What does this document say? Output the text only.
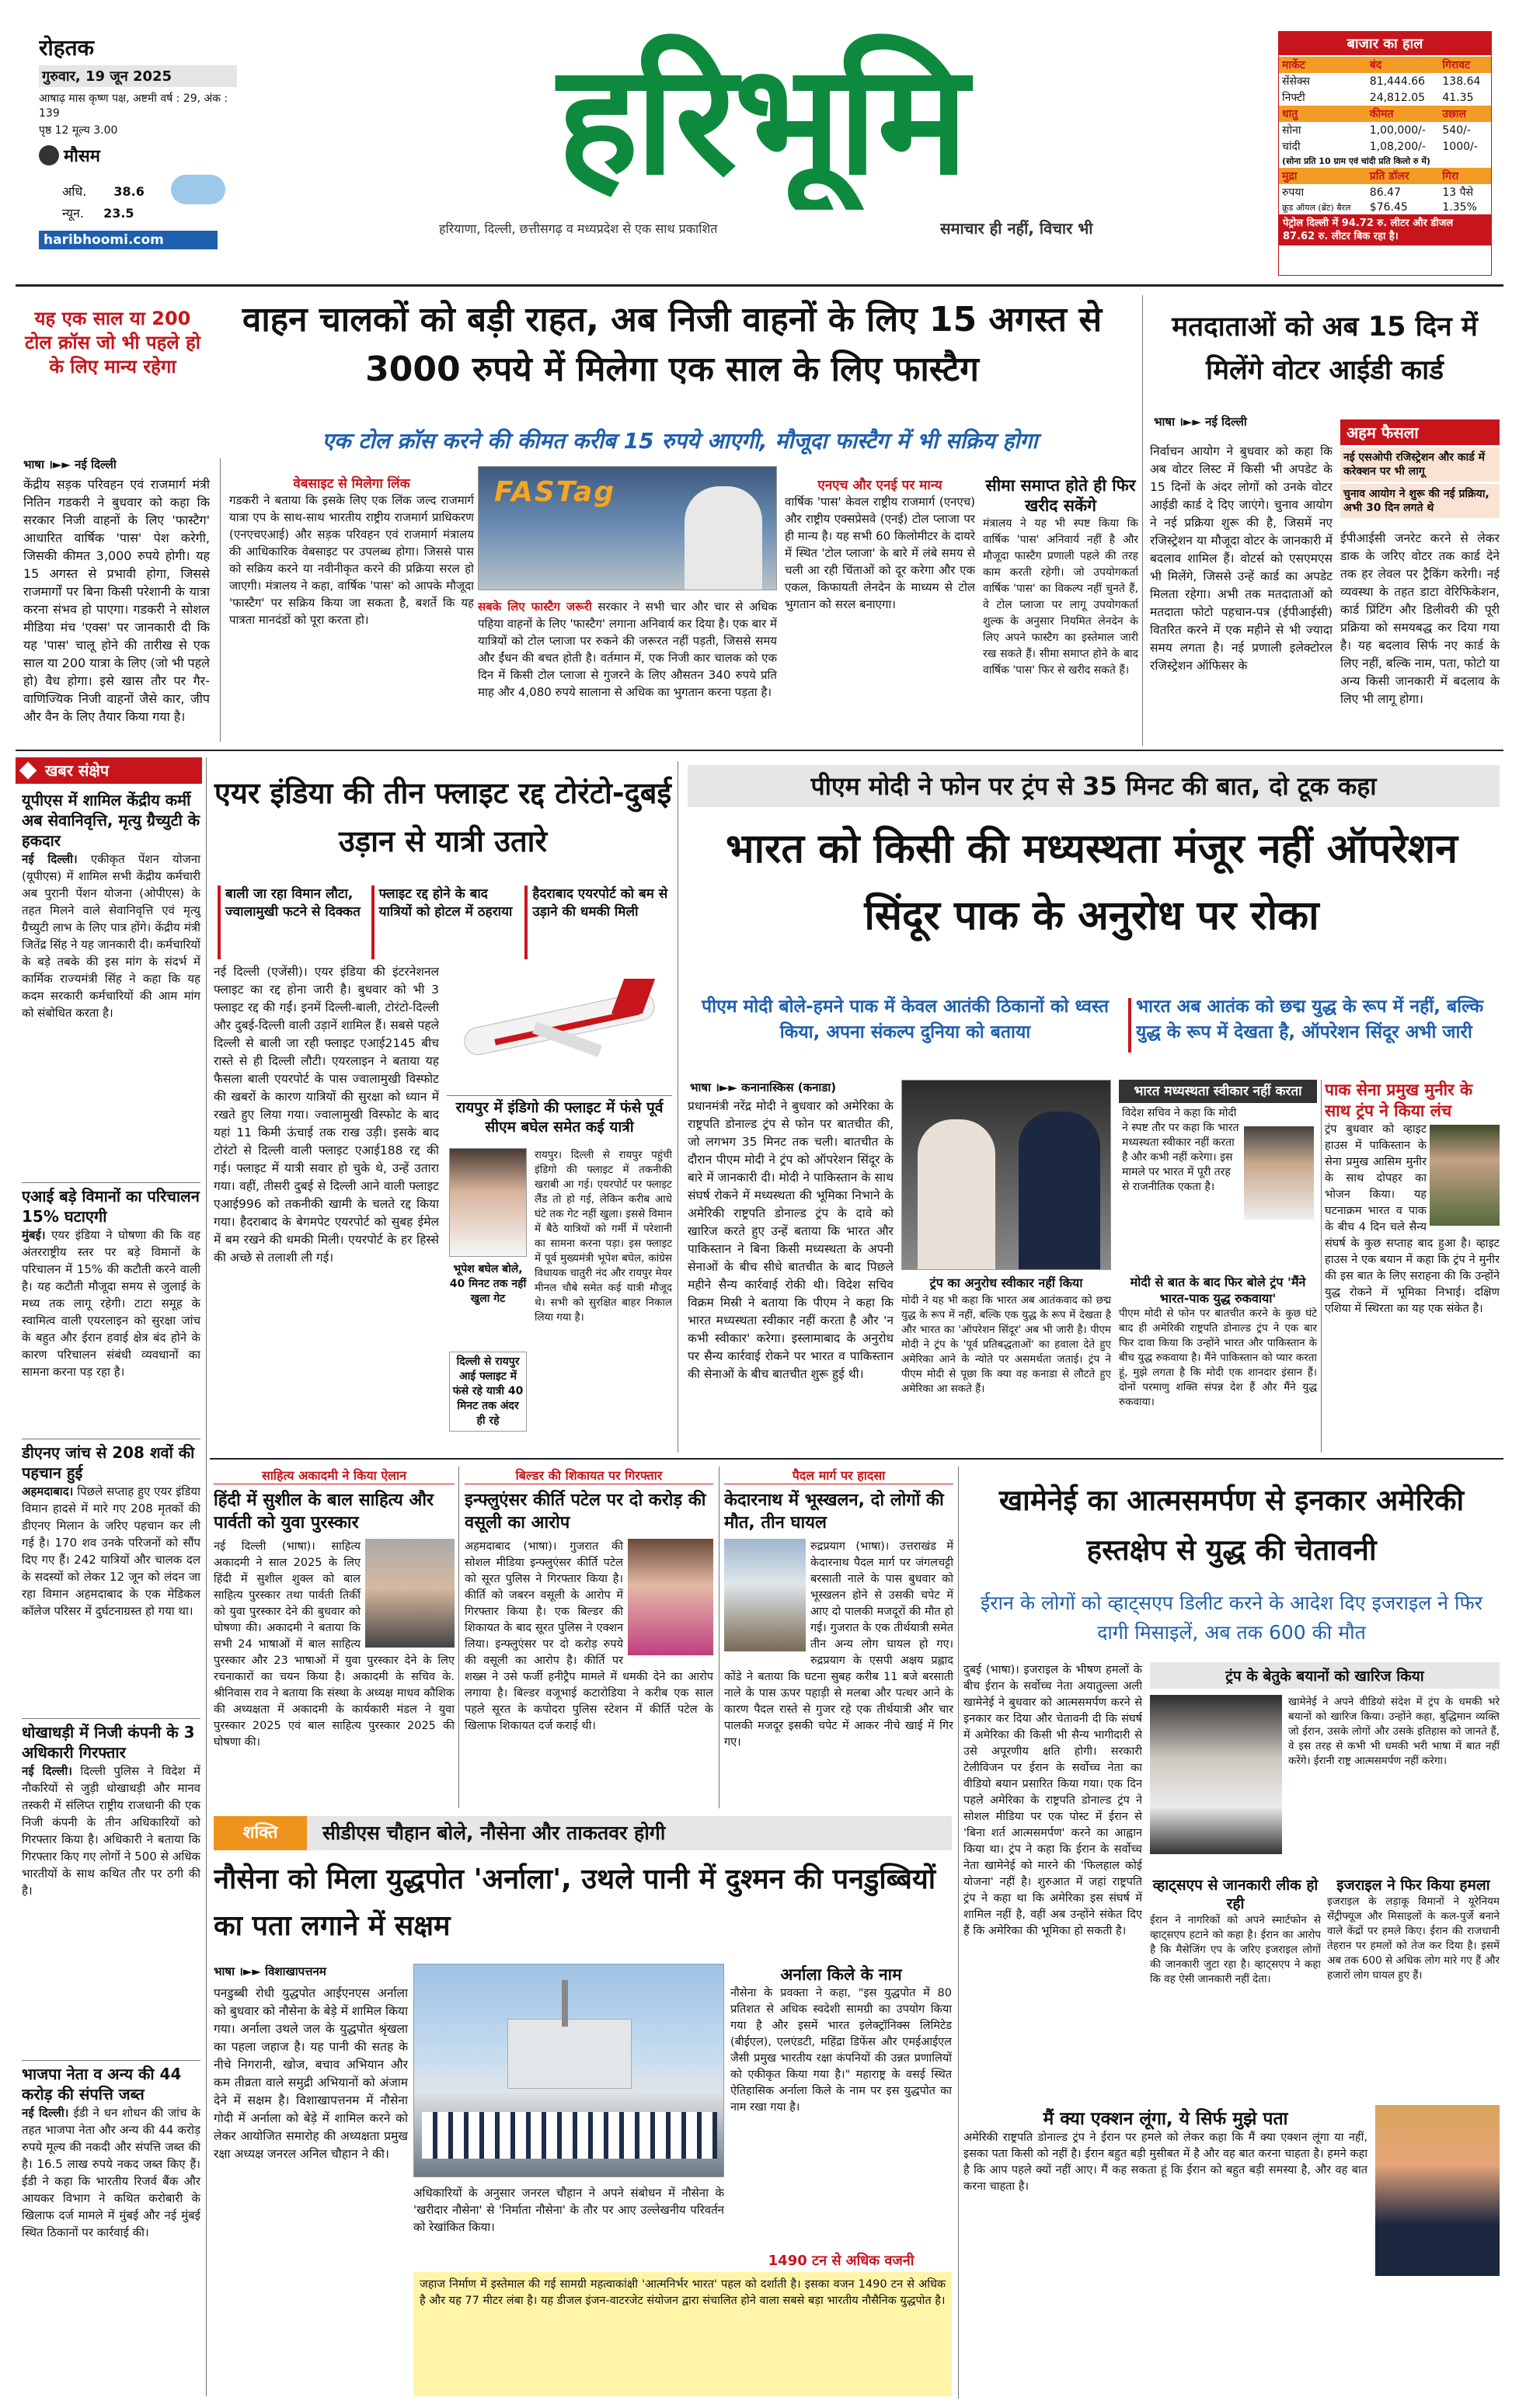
रोहतक
गुरुवार, 19 जून 2025
आषाढ़ मास कृष्ण पक्ष, अष्टमी वर्ष : 29, अंक : 139
पृष्ठ 12 मूल्य 3.00
मौसम
अधि. 38.6
न्यून. 23.5
haribhoomi.com
हरिभूमि
हरियाणा, दिल्ली, छत्तीसगढ़ व मध्यप्रदेश से एक साथ प्रकाशित	समाचार ही नहीं, विचार भी
बाजार का हाल
मार्केट	बंद	गिरावट
सेंसेक्स	81,444.66	138.64
निफ्टी	24,812.05	41.35
धातु	कीमत	उछाल
सोना	1,00,000/-	540/-
चांदी	1,08,200/-	1000/-
(सोना प्रति 10 ग्राम एवं चांदी प्रति किलो रु में)		
मुद्रा	प्रति डॉलर	गिरा
रुपया	86.47	13 पैसे
क्रूड ऑयल (ब्रेंट) बैरल	$76.45	1.35%
पेट्रोल दिल्ली में 94.72 रु. लीटर और डीजल 87.62 रु. लीटर बिक रहा है।
यह एक साल या 200 टोल क्रॉस जो भी पहले हो के लिए मान्य रहेगा
वाहन चालकों को बड़ी राहत, अब निजी वाहनों के लिए 15 अगस्त से 3000 रुपये में मिलेगा एक साल के लिए फास्टैग
एक टोल क्रॉस करने की कीमत करीब 15 रुपये आएगी, मौजूदा फास्टैग में भी सक्रिय होगा
भाषा ।►► नई दिल्ली
केंद्रीय सड़क परिवहन एवं राजमार्ग मंत्री नितिन गडकरी ने बुधवार को कहा कि सरकार निजी वाहनों के लिए 'फास्टैग' आधारित वार्षिक 'पास' पेश करेगी, जिसकी कीमत 3,000 रुपये होगी। यह 15 अगस्त से प्रभावी होगा, जिससे राजमार्गों पर बिना किसी परेशानी के यात्रा करना संभव हो पाएगा। गडकरी ने सोशल मीडिया मंच 'एक्स' पर जानकारी दी कि यह 'पास' चालू होने की तारीख से एक साल या 200 यात्रा के लिए (जो भी पहले हो) वैध होगा। इसे खास तौर पर गैर-वाणिज्यिक निजी वाहनों जैसे कार, जीप और वैन के लिए तैयार किया गया है।
वेबसाइट से मिलेगा लिंक
गडकरी ने बताया कि इसके लिए एक लिंक जल्द राजमार्ग यात्रा एप के साथ-साथ भारतीय राष्ट्रीय राजमार्ग प्राधिकरण (एनएचएआई) और सड़क परिवहन एवं राजमार्ग मंत्रालय की आधिकारिक वेबसाइट पर उपलब्ध होगा। जिससे पास को सक्रिय करने या नवीनीकृत करने की प्रक्रिया सरल हो जाएगी। मंत्रालय ने कहा, वार्षिक 'पास' को आपके मौजूदा 'फास्टैग' पर सक्रिय किया जा सकता है, बशर्ते कि यह पात्रता मानदंडों को पूरा करता हो।
FASTag
सबके लिए फास्टैग जरूरी सरकार ने सभी चार और चार से अधिक पहिया वाहनों के लिए 'फास्टैग' लगाना अनिवार्य कर दिया है। एक बार में यात्रियों को टोल प्लाजा पर रुकने की जरूरत नहीं पड़ती, जिससे समय और ईंधन की बचत होती है। वर्तमान में, एक निजी कार चालक को एक दिन में किसी टोल प्लाजा से गुजरने के लिए औसतन 340 रुपये प्रति माह और 4,080 रुपये सालाना से अधिक का भुगतान करना पड़ता है।
एनएच और एनई पर मान्य
वार्षिक 'पास' केवल राष्ट्रीय राजमार्ग (एनएच) और राष्ट्रीय एक्सप्रेसवे (एनई) टोल प्लाजा पर ही मान्य है। यह सभी 60 किलोमीटर के दायरे में स्थित 'टोल प्लाजा' के बारे में लंबे समय से चली आ रही चिंताओं को दूर करेगा और एक एकल, किफायती लेनदेन के माध्यम से टोल भुगतान को सरल बनाएगा।
सीमा समाप्त होते ही फिर खरीद सकेंगे
मंत्रालय ने यह भी स्पष्ट किया कि वार्षिक 'पास' अनिवार्य नहीं है और मौजूदा फास्टैग प्रणाली पहले की तरह काम करती रहेगी। जो उपयोगकर्ता वार्षिक 'पास' का विकल्प नहीं चुनते हैं, वे टोल प्लाजा पर लागू उपयोगकर्ता शुल्क के अनुसार नियमित लेनदेन के लिए अपने फास्टैग का इस्तेमाल जारी रख सकते हैं। सीमा समाप्त होने के बाद वार्षिक 'पास' फिर से खरीद सकते हैं।
मतदाताओं को अब 15 दिन में मिलेंगे वोटर आईडी कार्ड
भाषा ।►► नई दिल्ली
निर्वाचन आयोग ने बुधवार को कहा कि अब वोटर लिस्ट में किसी भी अपडेट के 15 दिनों के अंदर लोगों को उनके वोटर आईडी कार्ड दे दिए जाएंगे। चुनाव आयोग ने नई प्रक्रिया शुरू की है, जिसमें नए रजिस्ट्रेशन या मौजूदा वोटर के जानकारी में बदलाव शामिल हैं। वोटर्स को एसएमएस भी मिलेंगे, जिससे उन्हें कार्ड का अपडेट मिलता रहेगा। अभी तक मतदाताओं को मतदाता फोटो पहचान-पत्र (ईपीआईसी) वितरित करने में एक महीने से भी ज्यादा समय लगता है। नई प्रणाली इलेक्टोरल रजिस्ट्रेशन ऑफिसर के
अहम फैसला
नई एसओपी रजिस्ट्रेशन और कार्ड में करेक्शन पर भी लागू
चुनाव आयोग ने शुरू की नई प्रक्रिया, अभी 30 दिन लगते थे
ईपीआईसी जनरेट करने से लेकर डाक के जरिए वोटर तक कार्ड देने तक हर लेवल पर ट्रैकिंग करेगी। नई व्यवस्था के तहत डाटा वेरिफिकेशन, कार्ड प्रिंटिंग और डिलीवरी की पूरी प्रक्रिया को समयबद्ध कर दिया गया है। यह बदलाव सिर्फ नए कार्ड के लिए नहीं, बल्कि नाम, पता, फोटो या अन्य किसी जानकारी में बदलाव के लिए भी लागू होगा।
खबर संक्षेप
यूपीएस में शामिल केंद्रीय कर्मी अब सेवानिवृत्ति, मृत्यु ग्रैच्युटी के हकदार
नई दिल्ली। एकीकृत पेंशन योजना (यूपीएस) में शामिल सभी केंद्रीय कर्मचारी अब पुरानी पेंशन योजना (ओपीएस) के तहत मिलने वाले सेवानिवृत्ति एवं मृत्यु ग्रैच्युटी लाभ के लिए पात्र होंगे। केंद्रीय मंत्री जितेंद्र सिंह ने यह जानकारी दी। कर्मचारियों के बड़े तबके की इस मांग के संदर्भ में कार्मिक राज्यमंत्री सिंह ने कहा कि यह कदम सरकारी कर्मचारियों की आम मांग को संबोधित करता है।
एआई बड़े विमानों का परिचालन 15% घटाएगी
मुंबई। एयर इंडिया ने घोषणा की कि वह अंतरराष्ट्रीय स्तर पर बड़े विमानों के परिचालन में 15% की कटौती करने वाली है। यह कटौती मौजूदा समय से जुलाई के मध्य तक लागू रहेगी। टाटा समूह के स्वामित्व वाली एयरलाइन को सुरक्षा जांच के बहुत और ईरान हवाई क्षेत्र बंद होने के कारण परिचालन संबंधी व्यवधानों का सामना करना पड़ रहा है।
डीएनए जांच से 208 शवों की पहचान हुई
अहमदाबाद। पिछले सप्ताह हुए एयर इंडिया विमान हादसे में मारे गए 208 मृतकों की डीएनए मिलान के जरिए पहचान कर ली गई है। 170 शव उनके परिजनों को सौंप दिए गए हैं। 242 यात्रियों और चालक दल के सदस्यों को लेकर 12 जून को लंदन जा रहा विमान अहमदाबाद के एक मेडिकल कॉलेज परिसर में दुर्घटनाग्रस्त हो गया था।
धोखाधड़ी में निजी कंपनी के 3 अधिकारी गिरफ्तार
नई दिल्ली। दिल्ली पुलिस ने विदेश में नौकरियों से जुड़ी धोखाधड़ी और मानव तस्करी में संलिप्त राष्ट्रीय राजधानी की एक निजी कंपनी के तीन अधिकारियों को गिरफ्तार किया है। अधिकारी ने बताया कि गिरफ्तार किए गए लोगों ने 500 से अधिक भारतीयों के साथ कथित तौर पर ठगी की है।
भाजपा नेता व अन्य की 44 करोड़ की संपत्ति जब्त
नई दिल्ली। ईडी ने धन शोधन की जांच के तहत भाजपा नेता और अन्य की 44 करोड़ रुपये मूल्य की नकदी और संपत्ति जब्त की है। 16.5 लाख रुपये नकद जब्त किए हैं। ईडी ने कहा कि भारतीय रिजर्व बैंक और आयकर विभाग ने कथित करोबारी के खिलाफ दर्ज मामले में मुंबई और नई मुंबई स्थित ठिकानों पर कार्रवाई की।
एयर इंडिया की तीन फ्लाइट रद्द टोरंटो-दुबई उड़ान से यात्री उतारे
बाली जा रहा विमान लौटा, ज्वालामुखी फटने से दिक्कत
फ्लाइट रद्द होने के बाद यात्रियों को होटल में ठहराया
हैदराबाद एयरपोर्ट को बम से उड़ाने की धमकी मिली
नई दिल्ली (एजेंसी)। एयर इंडिया की इंटरनेशनल फ्लाइट का रद्द होना जारी है। बुधवार को भी 3 फ्लाइट रद्द की गईं। इनमें दिल्ली-बाली, टोरंटो-दिल्ली और दुबई-दिल्ली वाली उड़ानें शामिल हैं। सबसे पहले दिल्ली से बाली जा रही फ्लाइट एआई2145 बीच रास्ते से ही दिल्ली लौटी। एयरलाइन ने बताया यह फैसला बाली एयरपोर्ट के पास ज्वालामुखी विस्फोट की खबरों के कारण यात्रियों की सुरक्षा को ध्यान में रखते हुए लिया गया। ज्वालामुखी विस्फोट के बाद यहां 11 किमी ऊंचाई तक राख उड़ी। इसके बाद टोरंटो से दिल्ली वाली फ्लाइट एआई188 रद्द की गई। फ्लाइट में यात्री सवार हो चुके थे, उन्हें उतारा गया। वहीं, तीसरी दुबई से दिल्ली आने वाली फ्लाइट एआई996 को तकनीकी खामी के चलते रद्द किया गया। हैदराबाद के बेगमपेट एयरपोर्ट को सुबह ईमेल में बम रखने की धमकी मिली। एयरपोर्ट के हर हिस्से की अच्छे से तलाशी ली गई।
रायपुर में इंडिगो की फ्लाइट में फंसे पूर्व सीएम बघेल समेत कई यात्री
रायपुर। दिल्ली से रायपुर पहुंची इंडिगो की फ्लाइट में तकनीकी खराबी आ गई। एयरपोर्ट पर फ्लाइट लैंड तो हो गई, लेकिन करीब आधे घंटे तक गेट नहीं खुला। इससे विमान में बैठे यात्रियों को गर्मी में परेशानी का सामना करना पड़ा। इस फ्लाइट में पूर्व मुख्यमंत्री भूपेश बघेल, कांग्रेस विधायक चातुरी नंद और रायपुर मेयर मीनल चौबे समेत कई यात्री मौजूद थे। सभी को सुरक्षित बाहर निकाल लिया गया है।
भूपेश बघेल बोले, 40 मिनट तक नहीं खुला गेट
दिल्ली से रायपुर आई फ्लाइट में फंसे रहे यात्री 40 मिनट तक अंदर ही रहे
पीएम मोदी ने फोन पर ट्रंप से 35 मिनट की बात, दो टूक कहा
भारत को किसी की मध्यस्थता मंजूर नहीं ऑपरेशन सिंदूर पाक के अनुरोध पर रोका
पीएम मोदी बोले-हमने पाक में केवल आतंकी ठिकानों को ध्वस्त किया, अपना संकल्प दुनिया को बताया
भारत अब आतंक को छद्म युद्ध के रूप में नहीं, बल्कि युद्ध के रूप में देखता है, ऑपरेशन सिंदूर अभी जारी
भाषा ।►► कनानास्किस (कनाडा)
प्रधानमंत्री नरेंद्र मोदी ने बुधवार को अमेरिका के राष्ट्रपति डोनाल्ड ट्रंप से फोन पर बातचीत की, जो लगभग 35 मिनट तक चली। बातचीत के दौरान पीएम मोदी ने ट्रंप को ऑपरेशन सिंदूर के बारे में जानकारी दी। मोदी ने पाकिस्तान के साथ संघर्ष रोकने में मध्यस्थता की भूमिका निभाने के अमेरिकी राष्ट्रपति डोनाल्ड ट्रंप के दावे को खारिज करते हुए उन्हें बताया कि भारत और पाकिस्तान ने बिना किसी मध्यस्थता के अपनी सेनाओं के बीच सीधे बातचीत के बाद पिछले महीने सैन्य कार्रवाई रोकी थी। विदेश सचिव विक्रम मिस्री ने बताया कि पीएम ने कहा कि भारत मध्यस्थता स्वीकार नहीं करता है और 'न कभी स्वीकार' करेगा। इस्लामाबाद के अनुरोध पर सैन्य कार्रवाई रोकने पर भारत व पाकिस्तान की सेनाओं के बीच बातचीत शुरू हुई थी।
ट्रंप का अनुरोध स्वीकार नहीं किया
मोदी ने यह भी कहा कि भारत अब आतंकवाद को छद्म युद्ध के रूप में नहीं, बल्कि एक युद्ध के रूप में देखता है और भारत का 'ऑपरेशन सिंदूर' अब भी जारी है। पीएम मोदी ने ट्रंप के 'पूर्व प्रतिबद्धताओं' का हवाला देते हुए अमेरिका आने के न्योते पर असमर्थता जताई। ट्रंप ने पीएम मोदी से पूछा कि क्या वह कनाडा से लौटते हुए अमेरिका आ सकते हैं।
भारत मध्यस्थता स्वीकार नहीं करता
विदेश सचिव ने कहा कि मोदी ने स्पष्ट तौर पर कहा कि भारत मध्यस्थता स्वीकार नहीं करता है और कभी नहीं करेगा। इस मामले पर भारत में पूरी तरह से राजनीतिक एकता है।
मोदी से बात के बाद फिर बोले ट्रंप 'मैंने भारत-पाक युद्ध रुकवाया'
पीएम मोदी से फोन पर बातचीत करने के कुछ घंटे बाद ही अमेरिकी राष्ट्रपति डोनाल्ड ट्रंप ने एक बार फिर दावा किया कि उन्होंने भारत और पाकिस्तान के बीच युद्ध रुकवाया है। मैंने पाकिस्तान को प्यार करता हूं, मुझे लगता है कि मोदी एक शानदार इंसान हैं। दोनों परमाणु शक्ति संपन्न देश हैं और मैंने युद्ध रुकवाया।
पाक सेना प्रमुख मुनीर के साथ ट्रंप ने किया लंच
ट्रंप बुधवार को व्हाइट हाउस में पाकिस्तान के सेना प्रमुख आसिम मुनीर के साथ दोपहर का भोजन किया। यह घटनाक्रम भारत व पाक के बीच 4 दिन चले सैन्य संघर्ष के कुछ सप्ताह बाद हुआ है। व्हाइट हाउस ने एक बयान में कहा कि ट्रंप ने मुनीर की इस बात के लिए सराहना की कि उन्होंने युद्ध रोकने में भूमिका निभाई। दक्षिण एशिया में स्थिरता का यह एक संकेत है।
साहित्य अकादमी ने किया ऐलान
हिंदी में सुशील के बाल साहित्य और पार्वती को युवा पुरस्कार
नई दिल्ली (भाषा)। साहित्य अकादमी ने साल 2025 के लिए हिंदी में सुशील शुक्ल को बाल साहित्य पुरस्कार तथा पार्वती तिर्की को युवा पुरस्कार देने की बुधवार को घोषणा की। अकादमी ने बताया कि सभी 24 भाषाओं में बाल साहित्य पुरस्कार और 23 भाषाओं में युवा पुरस्कार देने के लिए रचनाकारों का चयन किया है। अकादमी के सचिव के. श्रीनिवास राव ने बताया कि संस्था के अध्यक्ष माधव कौशिक की अध्यक्षता में अकादमी के कार्यकारी मंडल ने युवा पुरस्कार 2025 एवं बाल साहित्य पुरस्कार 2025 की घोषणा की।
बिल्डर की शिकायत पर गिरफ्तार
इन्फ्लुएंसर कीर्ति पटेल पर दो करोड़ की वसूली का आरोप
अहमदाबाद (भाषा)। गुजरात की सोशल मीडिया इन्फ्लुएंसर कीर्ति पटेल को सूरत पुलिस ने गिरफ्तार किया है। कीर्ति को जबरन वसूली के आरोप में गिरफ्तार किया है। एक बिल्डर की शिकायत के बाद सूरत पुलिस ने एक्शन लिया। इन्फ्लुएंसर पर दो करोड़ रुपये की वसूली का आरोप है। कीर्ति पर शख्स ने उसे फर्जी हनीट्रैप मामले में धमकी देने का आरोप लगाया है। बिल्डर वजूभाई कटारोडिया ने करीब एक साल पहले सूरत के कपोदरा पुलिस स्टेशन में कीर्ति पटेल के खिलाफ शिकायत दर्ज कराई थी।
पैदल मार्ग पर हादसा
केदारनाथ में भूस्खलन, दो लोगों की मौत, तीन घायल
रुद्रप्रयाग (भाषा)। उत्तराखंड में केदारनाथ पैदल मार्ग पर जंगलचट्टी बरसाती नाले के पास बुधवार को भूस्खलन होने से उसकी चपेट में आए दो पालकी मजदूरों की मौत हो गई। गुजरात के एक तीर्थयात्री समेत तीन अन्य लोग घायल हो गए। रुद्रप्रयाग के एसपी अक्षय प्रह्लाद कोंडे ने बताया कि घटना सुबह करीब 11 बजे बरसाती नाले के पास ऊपर पहाड़ी से मलबा और पत्थर आने के कारण पैदल रास्ते से गुजर रहे एक तीर्थयात्री और चार पालकी मजदूर इसकी चपेट में आकर नीचे खाई में गिर गए।
शक्ति	सीडीएस चौहान बोले, नौसेना और ताकतवर होगी
नौसेना को मिला युद्धपोत 'अर्नाला', उथले पानी में दुश्मन की पनडुब्बियों का पता लगाने में सक्षम
भाषा ।►► विशाखापत्तनम
पनडुब्बी रोधी युद्धपोत आईएनएस अर्नाला को बुधवार को नौसेना के बेड़े में शामिल किया गया। अर्नाला उथले जल के युद्धपोत श्रृंखला का पहला जहाज है। यह पानी की सतह के नीचे निगरानी, खोज, बचाव अभियान और कम तीव्रता वाले समुद्री अभियानों को अंजाम देने में सक्षम है। विशाखापत्तनम में नौसेना गोदी में अर्नाला को बेड़े में शामिल करने को लेकर आयोजित समारोह की अध्यक्षता प्रमुख रक्षा अध्यक्ष जनरल अनिल चौहान ने की।
अधिकारियों के अनुसार जनरल चौहान ने अपने संबोधन में नौसेना के 'खरीदार नौसेना' से 'निर्माता नौसेना' के तौर पर आए उल्लेखनीय परिवर्तन को रेखांकित किया।
अर्नाला किले के नाम
नौसेना के प्रवक्ता ने कहा, "इस युद्धपोत में 80 प्रतिशत से अधिक स्वदेशी सामग्री का उपयोग किया गया है और इसमें भारत इलेक्ट्रॉनिक्स लिमिटेड (बीईएल), एलएंडटी, महिंद्रा डिफेंस और एमईआईएल जैसी प्रमुख भारतीय रक्षा कंपनियों की उन्नत प्रणालियों को एकीकृत किया गया है।" महाराष्ट्र के वसई स्थित ऐतिहासिक अर्नाला किले के नाम पर इस युद्धपोत का नाम रखा गया है।
1490 टन से अधिक वजनी
जहाज निर्माण में इस्तेमाल की गई सामग्री महत्वाकांक्षी 'आत्मनिर्भर भारत' पहल को दर्शाती है। इसका वजन 1490 टन से अधिक है और यह 77 मीटर लंबा है। यह डीजल इंजन-वाटरजेट संयोजन द्वारा संचालित होने वाला सबसे बड़ा भारतीय नौसैनिक युद्धपोत है।
खामेनेई का आत्मसमर्पण से इनकार अमेरिकी हस्तक्षेप से युद्ध की चेतावनी
ईरान के लोगों को व्हाट्सएप डिलीट करने के आदेश दिए इजराइल ने फिर दागी मिसाइलें, अब तक 600 की मौत
दुबई (भाषा)। इजराइल के भीषण हमलों के बीच ईरान के सर्वोच्च नेता अयातुल्ला अली खामेनेई ने बुधवार को आत्मसमर्पण करने से इनकार कर दिया और चेतावनी दी कि संघर्ष में अमेरिका की किसी भी सैन्य भागीदारी से उसे अपूरणीय क्षति होगी। सरकारी टेलीविजन पर ईरान के सर्वोच्च नेता का वीडियो बयान प्रसारित किया गया। एक दिन पहले अमेरिका के राष्ट्रपति डोनाल्ड ट्रंप ने सोशल मीडिया पर एक पोस्ट में ईरान से 'बिना शर्त आत्मसमर्पण' करने का आह्वान किया था। ट्रंप ने कहा कि ईरान के सर्वोच्च नेता खामेनेई को मारने की 'फिलहाल कोई योजना' नहीं है। शुरुआत में जहां राष्ट्रपति ट्रंप ने कहा था कि अमेरिका इस संघर्ष में शामिल नहीं है, वहीं अब उन्होंने संकेत दिए हैं कि अमेरिका की भूमिका हो सकती है।
ट्रंप के बेतुके बयानों को खारिज किया
खामेनेई ने अपने वीडियो संदेश में ट्रंप के धमकी भरे बयानों को खारिज किया। उन्होंने कहा, बुद्धिमान व्यक्ति जो ईरान, उसके लोगों और उसके इतिहास को जानते हैं, वे इस तरह से कभी भी धमकी भरी भाषा में बात नहीं करेंगे। ईरानी राष्ट्र आत्मसमर्पण नहीं करेगा।
व्हाट्सएप से जानकारी लीक हो रही
ईरान ने नागरिकों को अपने स्मार्टफोन से व्हाट्सएप हटाने को कहा है। ईरान का आरोप है कि मैसेजिंग एप के जरिए इजराइल लोगों की जानकारी जुटा रहा है। व्हाट्सएप ने कहा कि वह ऐसी जानकारी नहीं देता।
इजराइल ने फिर किया हमला
इजराइल के लड़ाकू विमानों ने यूरेनियम सेंट्रीफ्यूज और मिसाइलों के कल-पुर्जे बनाने वाले केंद्रों पर हमले किए। ईरान की राजधानी तेहरान पर हमलों को तेज कर दिया है। इसमें अब तक 600 से अधिक लोग मारे गए हैं और हजारों लोग घायल हुए हैं।
मैं क्या एक्शन लूंगा, ये सिर्फ मुझे पता
अमेरिकी राष्ट्रपति डोनाल्ड ट्रंप ने ईरान पर हमले को लेकर कहा कि मैं क्या एक्शन लूंगा या नहीं, इसका पता किसी को नहीं है। ईरान बहुत बड़ी मुसीबत में है और वह बात करना चाहता है। हमने कहा है कि आप पहले क्यों नहीं आए। मैं कह सकता हूं कि ईरान को बहुत बड़ी समस्या है, और वह बात करना चाहता है।
